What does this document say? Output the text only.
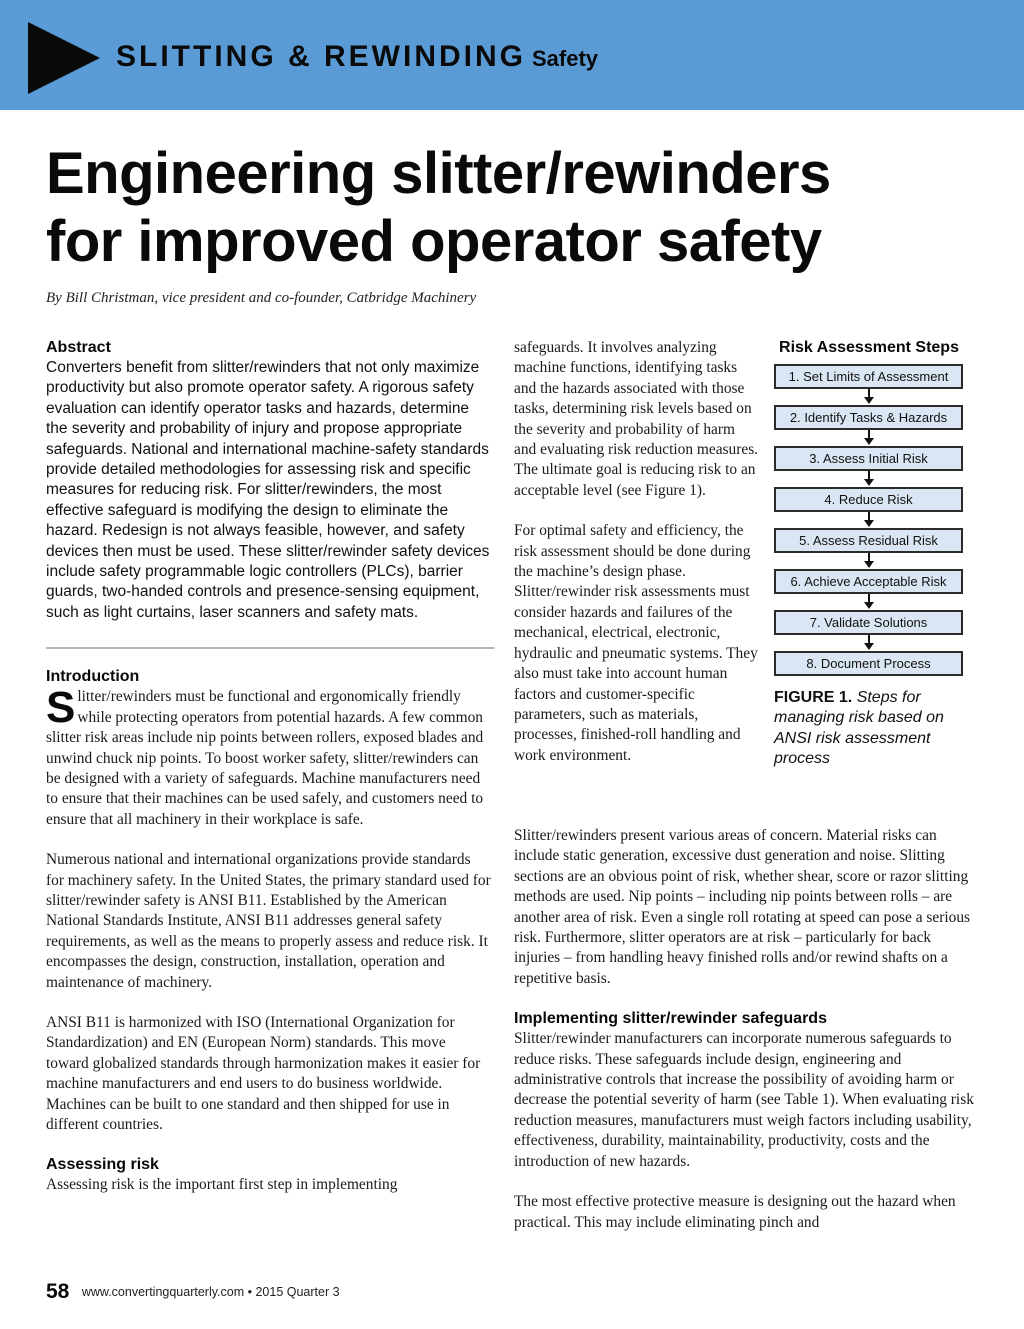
SLITTING & REWINDING Safety
Engineering slitter/rewinders
for improved operator safety
By Bill Christman, vice president and co-founder, Catbridge Machinery
Abstract
Converters benefit from slitter/rewinders that not only maximize productivity but also promote operator safety. A rigorous safety evaluation can identify operator tasks and hazards, determine the severity and probability of injury and propose appropriate safeguards. National and international machine-safety standards provide detailed methodologies for assessing risk and specific measures for reducing risk. For slitter/rewinders, the most effective safeguard is modifying the design to eliminate the hazard. Redesign is not always feasible, however, and safety devices then must be used. These slitter/rewinder safety devices include safety programmable logic controllers (PLCs), barrier guards, two-handed controls and presence-sensing equipment, such as light curtains, laser scanners and safety mats.
Introduction
Slitter/rewinders must be functional and ergonomically friendly while protecting operators from potential hazards. A few common slitter risk areas include nip points between rollers, exposed blades and unwind chuck nip points. To boost worker safety, slitter/rewinders can be designed with a variety of safeguards. Machine manufacturers need to ensure that their machines can be used safely, and customers need to ensure that all machinery in their workplace is safe.
Numerous national and international organizations provide standards for machinery safety. In the United States, the primary standard used for slitter/rewinder safety is ANSI B11. Established by the American National Standards Institute, ANSI B11 addresses general safety requirements, as well as the means to properly assess and reduce risk. It encompasses the design, construction, installation, operation and maintenance of machinery.
ANSI B11 is harmonized with ISO (International Organization for Standardization) and EN (European Norm) standards. This move toward globalized standards through harmonization makes it easier for machine manufacturers and end users to do business worldwide. Machines can be built to one standard and then shipped for use in different countries.
Assessing risk
Assessing risk is the important first step in implementing
safeguards. It involves analyzing machine functions, identifying tasks and the hazards associated with those tasks, determining risk levels based on the severity and probability of harm and evaluating risk reduction measures. The ultimate goal is reducing risk to an acceptable level (see Figure 1).
For optimal safety and efficiency, the risk assessment should be done during the machine’s design phase. Slitter/rewinder risk assessments must consider hazards and failures of the mechanical, electrical, electronic, hydraulic and pneumatic systems. They also must take into account human factors and customer-specific parameters, such as materials, processes, finished-roll handling and work environment.
Risk Assessment Steps
1. Set Limits of Assessment
2. Identify Tasks & Hazards
3. Assess Initial Risk
4. Reduce Risk
5. Assess Residual Risk
6. Achieve Acceptable Risk
7. Validate Solutions
8. Document Process
FIGURE 1. Steps for managing risk based on ANSI risk assessment process
Slitter/rewinders present various areas of concern. Material risks can include static generation, excessive dust generation and noise. Slitting sections are an obvious point of risk, whether shear, score or razor slitting methods are used. Nip points – including nip points between rolls – are another area of risk. Even a single roll rotating at speed can pose a serious risk. Furthermore, slitter operators are at risk – particularly for back injuries – from handling heavy finished rolls and/or rewind shafts on a repetitive basis.
Implementing slitter/rewinder safeguards
Slitter/rewinder manufacturers can incorporate numerous safeguards to reduce risks. These safeguards include design, engineering and administrative controls that increase the possibility of avoiding harm or decrease the potential severity of harm (see Table 1). When evaluating risk reduction measures, manufacturers must weigh factors including usability, effectiveness, durability, maintainability, productivity, costs and the introduction of new hazards.
The most effective protective measure is designing out the hazard when practical. This may include eliminating pinch and
58 www.convertingquarterly.com • 2015 Quarter 3
